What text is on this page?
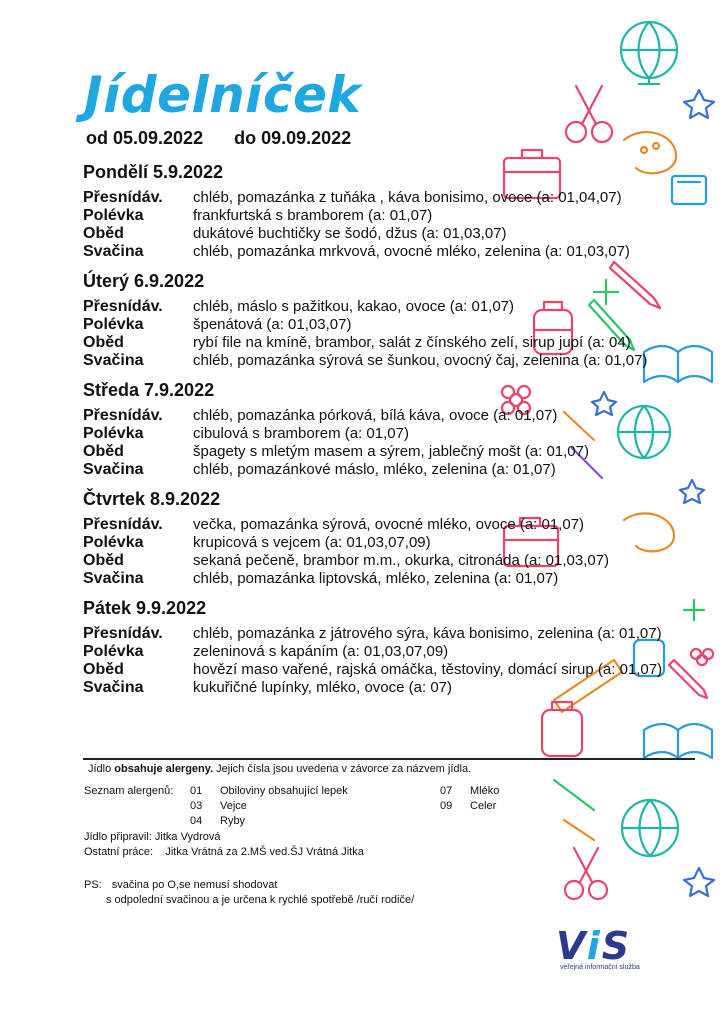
Jídelníček
od 05.09.2022 do 09.09.2022
Pondělí 5.9.2022
Přesnídáv.	chléb, pomazánka z tuňáka , káva bonisimo, ovoce (a: 01,04,07)
Polévka	frankfurtská s bramborem (a: 01,07)
Oběd	dukátové buchtičky se šodó, džus (a: 01,03,07)
Svačina	chléb, pomazánka mrkvová, ovocné mléko, zelenina (a: 01,03,07)
Úterý 6.9.2022
Přesnídáv.	chléb, máslo s pažitkou, kakao, ovoce (a: 01,07)
Polévka	špenátová (a: 01,03,07)
Oběd	rybí file na kmíně, brambor, salát z čínského zelí, sirup jupí (a: 04)
Svačina	chléb, pomazánka sýrová se šunkou, ovocný čaj, zelenina (a: 01,07)
Středa 7.9.2022
Přesnídáv.	chléb, pomazánka pórková, bílá káva, ovoce (a: 01,07)
Polévka	cibulová s bramborem (a: 01,07)
Oběd	špagety s mletým masem a sýrem, jablečný mošt (a: 01,07)
Svačina	chléb, pomazánkové máslo, mléko, zelenina (a: 01,07)
Čtvrtek 8.9.2022
Přesnídáv.	večka, pomazánka sýrová, ovocné mléko, ovoce (a: 01,07)
Polévka	krupicová s vejcem (a: 01,03,07,09)
Oběd	sekaná pečeně, brambor m.m., okurka, citronáda (a: 01,03,07)
Svačina	chléb, pomazánka liptovská, mléko, zelenina (a: 01,07)
Pátek 9.9.2022
Přesnídáv.	chléb, pomazánka z játrového sýra, káva bonisimo, zelenina (a: 01,07)
Polévka	zeleninová s kapáním (a: 01,03,07,09)
Oběd	hovězí maso vařené, rajská omáčka, těstoviny, domácí sirup (a: 01,07)
Svačina	kukuřičné lupínky, mléko, ovoce (a: 07)
Jídlo obsahuje alergeny. Jejich čísla jsou uvedena v závorce za názvem jídla.
Seznam alergenů: 01 Obiloviny obsahující lepek
03 Vejce
04 Ryby
07 Mléko
09 Celer
Jídlo připravil: Jitka Vydrová
Ostatní práce: Jitka Vrátná za 2.MŠ ved.ŠJ Vrátná Jitka
PS: svačina po O,se nemusí shodovat
s odpolední svačinou a je určena k rychlé spotřebě /ručí rodiče/
ViS
veřejná informační služba
